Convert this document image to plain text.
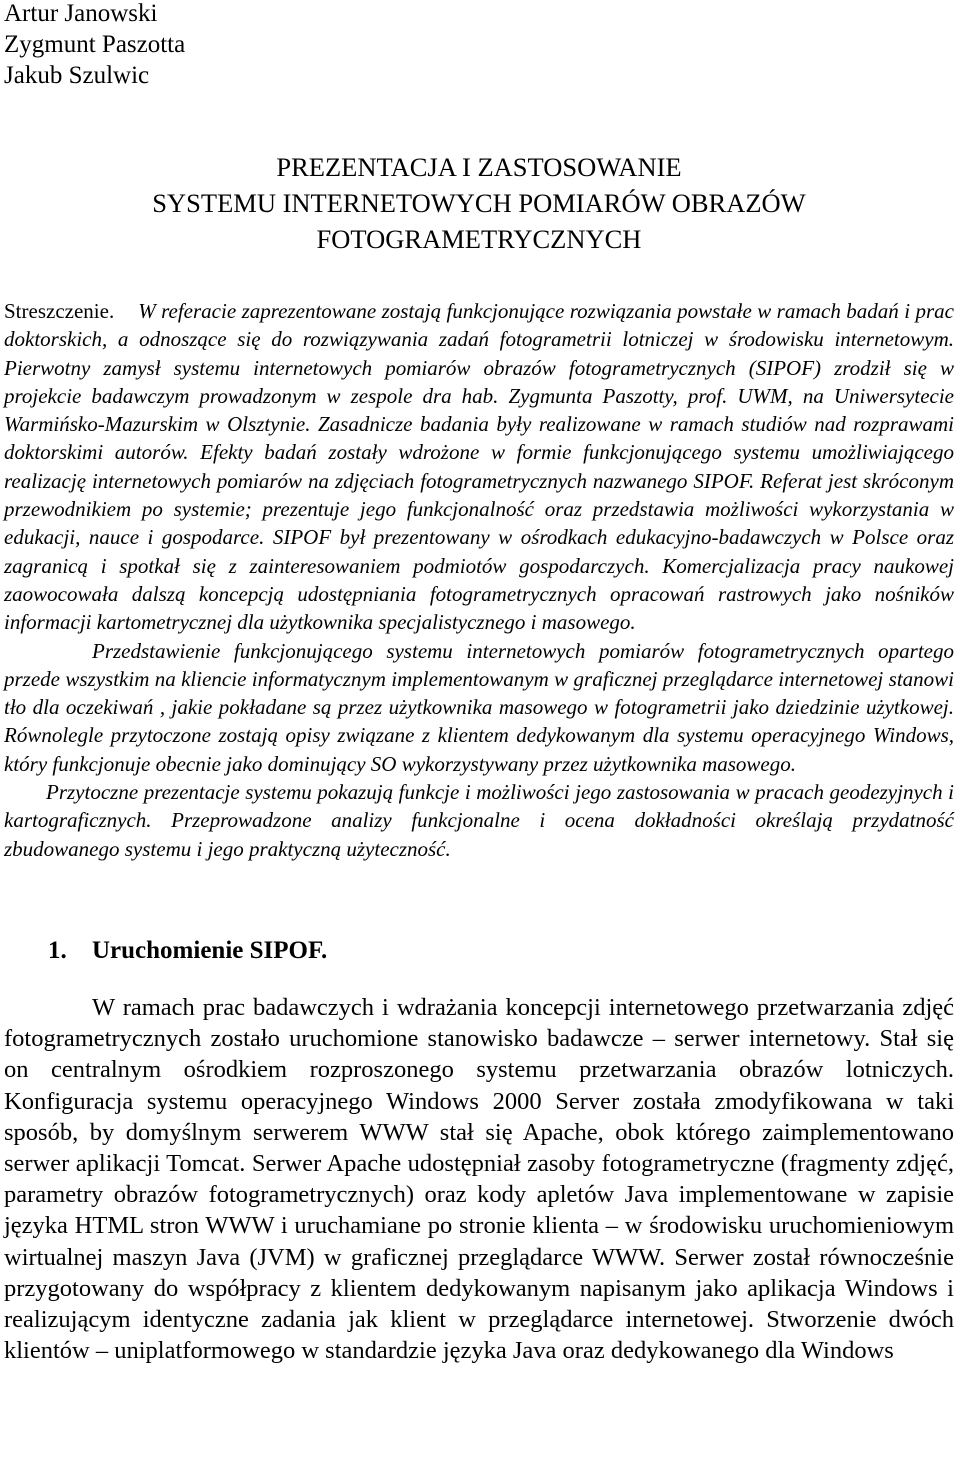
Artur Janowski
Zygmunt Paszotta
Jakub Szulwic
PREZENTACJA I ZASTOSOWANIE
SYSTEMU INTERNETOWYCH POMIARÓW OBRAZÓW
FOTOGRAMETRYCZNYCH

Streszczenie. W referacie zaprezentowane zostają funkcjonujące rozwiązania powstałe w ramach badań i prac doktorskich, a odnoszące się do rozwiązywania zadań fotogrametrii lotniczej w środowisku internetowym. Pierwotny zamysł systemu internetowych pomiarów obrazów fotogrametrycznych (SIPOF) zrodził się w projekcie badawczym prowadzonym w zespole dra hab. Zygmunta Paszotty, prof. UWM, na Uniwersytecie Warmińsko-Mazurskim w Olsztynie. Zasadnicze badania były realizowane w ramach studiów nad rozprawami doktorskimi autorów. Efekty badań zostały wdrożone w formie funkcjonującego systemu umożliwiającego realizację internetowych pomiarów na zdjęciach fotogrametrycznych nazwanego SIPOF. Referat jest skróconym przewodnikiem po systemie; prezentuje jego funkcjonalność oraz przedstawia możliwości wykorzystania w edukacji, nauce i gospodarce. SIPOF był prezentowany w ośrodkach edukacyjno-badawczych w Polsce oraz zagranicą i spotkał się z zainteresowaniem podmiotów gospodarczych. Komercjalizacja pracy naukowej zaowocowała dalszą koncepcją udostępniania fotogrametrycznych opracowań rastrowych jako nośników informacji kartometrycznej dla użytkownika specjalistycznego i masowego.

Przedstawienie funkcjonującego systemu internetowych pomiarów fotogrametrycznych opartego przede wszystkim na kliencie informatycznym implementowanym w graficznej przeglądarce internetowej stanowi tło dla oczekiwań , jakie pokładane są przez użytkownika masowego w fotogrametrii jako dziedzinie użytkowej. Równolegle przytoczone zostają opisy związane z klientem dedykowanym dla systemu operacyjnego Windows, który funkcjonuje obecnie jako dominujący SO wykorzystywany przez użytkownika masowego.

Przytoczne prezentacje systemu pokazują funkcje i możliwości jego zastosowania w pracach geodezyjnych i kartograficznych. Przeprowadzone analizy funkcjonalne i ocena dokładności określają przydatność zbudowanego systemu i jego praktyczną użyteczność.

1. Uruchomienie SIPOF.

W ramach prac badawczych i wdrażania koncepcji internetowego przetwarzania zdjęć fotogrametrycznych zostało uruchomione stanowisko badawcze – serwer internetowy. Stał się on centralnym ośrodkiem rozproszonego systemu przetwarzania obrazów lotniczych. Konfiguracja systemu operacyjnego Windows 2000 Server została zmodyfikowana w taki sposób, by domyślnym serwerem WWW stał się Apache, obok którego zaimplementowano serwer aplikacji Tomcat. Serwer Apache udostępniał zasoby fotogrametryczne (fragmenty zdjęć, parametry obrazów fotogrametrycznych) oraz kody apletów Java implementowane w zapisie języka HTML stron WWW i uruchamiane po stronie klienta – w środowisku uruchomieniowym wirtualnej maszyn Java (JVM) w graficznej przeglądarce WWW. Serwer został równocześnie przygotowany do współpracy z klientem dedykowanym napisanym jako aplikacja Windows i realizującym identyczne zadania jak klient w przeglądarce internetowej. Stworzenie dwóch klientów – uniplatformowego w standardzie języka Java oraz dedykowanego dla Windows
